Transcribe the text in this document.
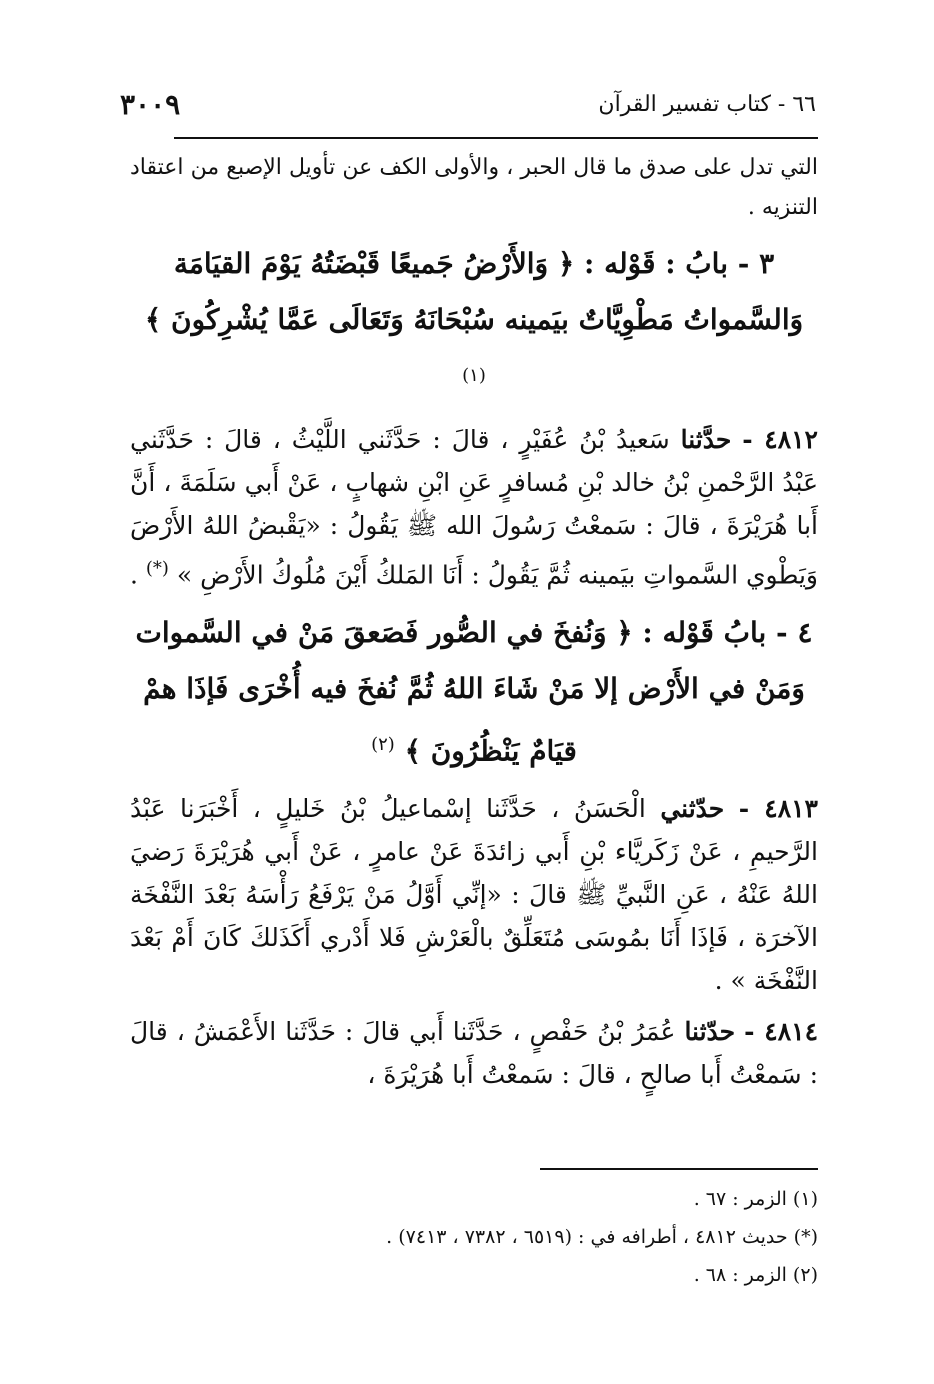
٦٦ - كتاب تفسير القرآن
٣٠٠٩

التي تدل على صدق ما قال الحبر ، والأولى الكف عن تأويل الإصبع من اعتقاد التنزيه .

٣ - بابُ : قَوْله : ﴿ وَالأَرْضُ جَميعًا قَبْضَتُهُ يَوْمَ القيَامَة وَالسَّمواتُ مَطْوِيَّاتٌ بيَمينه سُبْحَانَهُ وَتَعَالَى عَمَّا يُشْرِكُونَ ﴾ $^{(١)}$

٤٨١٢ - حدَّثنا سَعيدُ بْنُ عُفَيْرٍ ، قالَ : حَدَّثَني اللَّيْثُ ، قالَ : حَدَّثَني عَبْدُ الرَّحْمنِ بْنُ خالد بْنِ مُسافرٍ عَنِ ابْنِ شهابٍ ، عَنْ أَبي سَلَمَةَ ، أَنَّ أَبا هُرَيْرَةَ ، قالَ : سَمعْتُ رَسُولَ الله ﷺ يَقُولُ : «يَقْبضُ اللهُ الأَرْضَ وَيَطْوي السَّمواتِ بيَمينه ثُمَّ يَقُولُ : أَنَا المَلكُ أَيْنَ مُلُوكُ الأَرْضِ » (*) .

٤ - بابُ قَوْله : ﴿ وَنُفخَ في الصُّور فَصَعقَ مَنْ في السَّموات وَمَنْ في الأَرْض إلا مَنْ شَاءَ اللهُ ثُمَّ نُفخَ فيه أُخْرَى فَإذَا همْ قيَامٌ يَنْظُرُونَ ﴾ $^{(٢)}$

٤٨١٣ - حدّثني الْحَسَنُ ، حَدَّثَنا إسْماعيلُ بْنُ خَليلٍ ، أَخْبَرَنا عَبْدُ الرَّحيمِ ، عَنْ زَكَريَّاء بْنِ أَبي زائدَةَ عَنْ عامرٍ ، عَنْ أَبي هُرَيْرَةَ رَضيَ اللهُ عَنْهُ ، عَنِ النَّبيِّ ﷺ قالَ : «إنِّي أَوَّلُ مَنْ يَرْفَعُ رَأْسَهُ بَعْدَ النَّفْخَة الآخرَة ، فَإذَا أَنَا بمُوسَى مُتَعَلِّقٌ بالْعَرْشِ فَلا أَدْري أَكَذَلكَ كَانَ أَمْ بَعْدَ النَّفْخَة » .

٤٨١٤ - حدّثنا عُمَرُ بْنُ حَفْصٍ ، حَدَّثَنا أَبي قالَ : حَدَّثَنا الأَعْمَشُ ، قالَ : سَمعْتُ أَبا صالحٍ ، قالَ : سَمعْتُ أَبا هُرَيْرَةَ ،

(١) الزمر : ٦٧ .

(*) حديث ٤٨١٢ ، أطرافه في : (٦٥١٩ ، ٧٣٨٢ ، ٧٤١٣) .

(٢) الزمر : ٦٨ .
